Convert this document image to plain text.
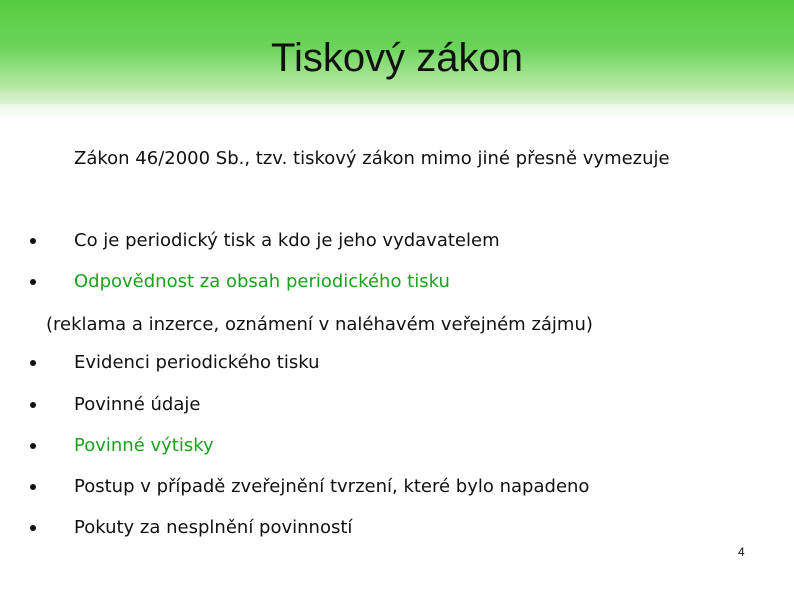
Tiskový zákon
Zákon 46/2000 Sb., tzv. tiskový zákon mimo jiné přesně vymezuje
Co je periodický tisk a kdo je jeho vydavatelem
Odpovědnost za obsah periodického tisku
(reklama a inzerce, oznámení v naléhavém veřejném zájmu)
Evidenci periodického tisku
Povinné údaje
Povinné výtisky
Postup v případě zveřejnění tvrzení, které bylo napadeno
Pokuty za nesplnění povinností
4
